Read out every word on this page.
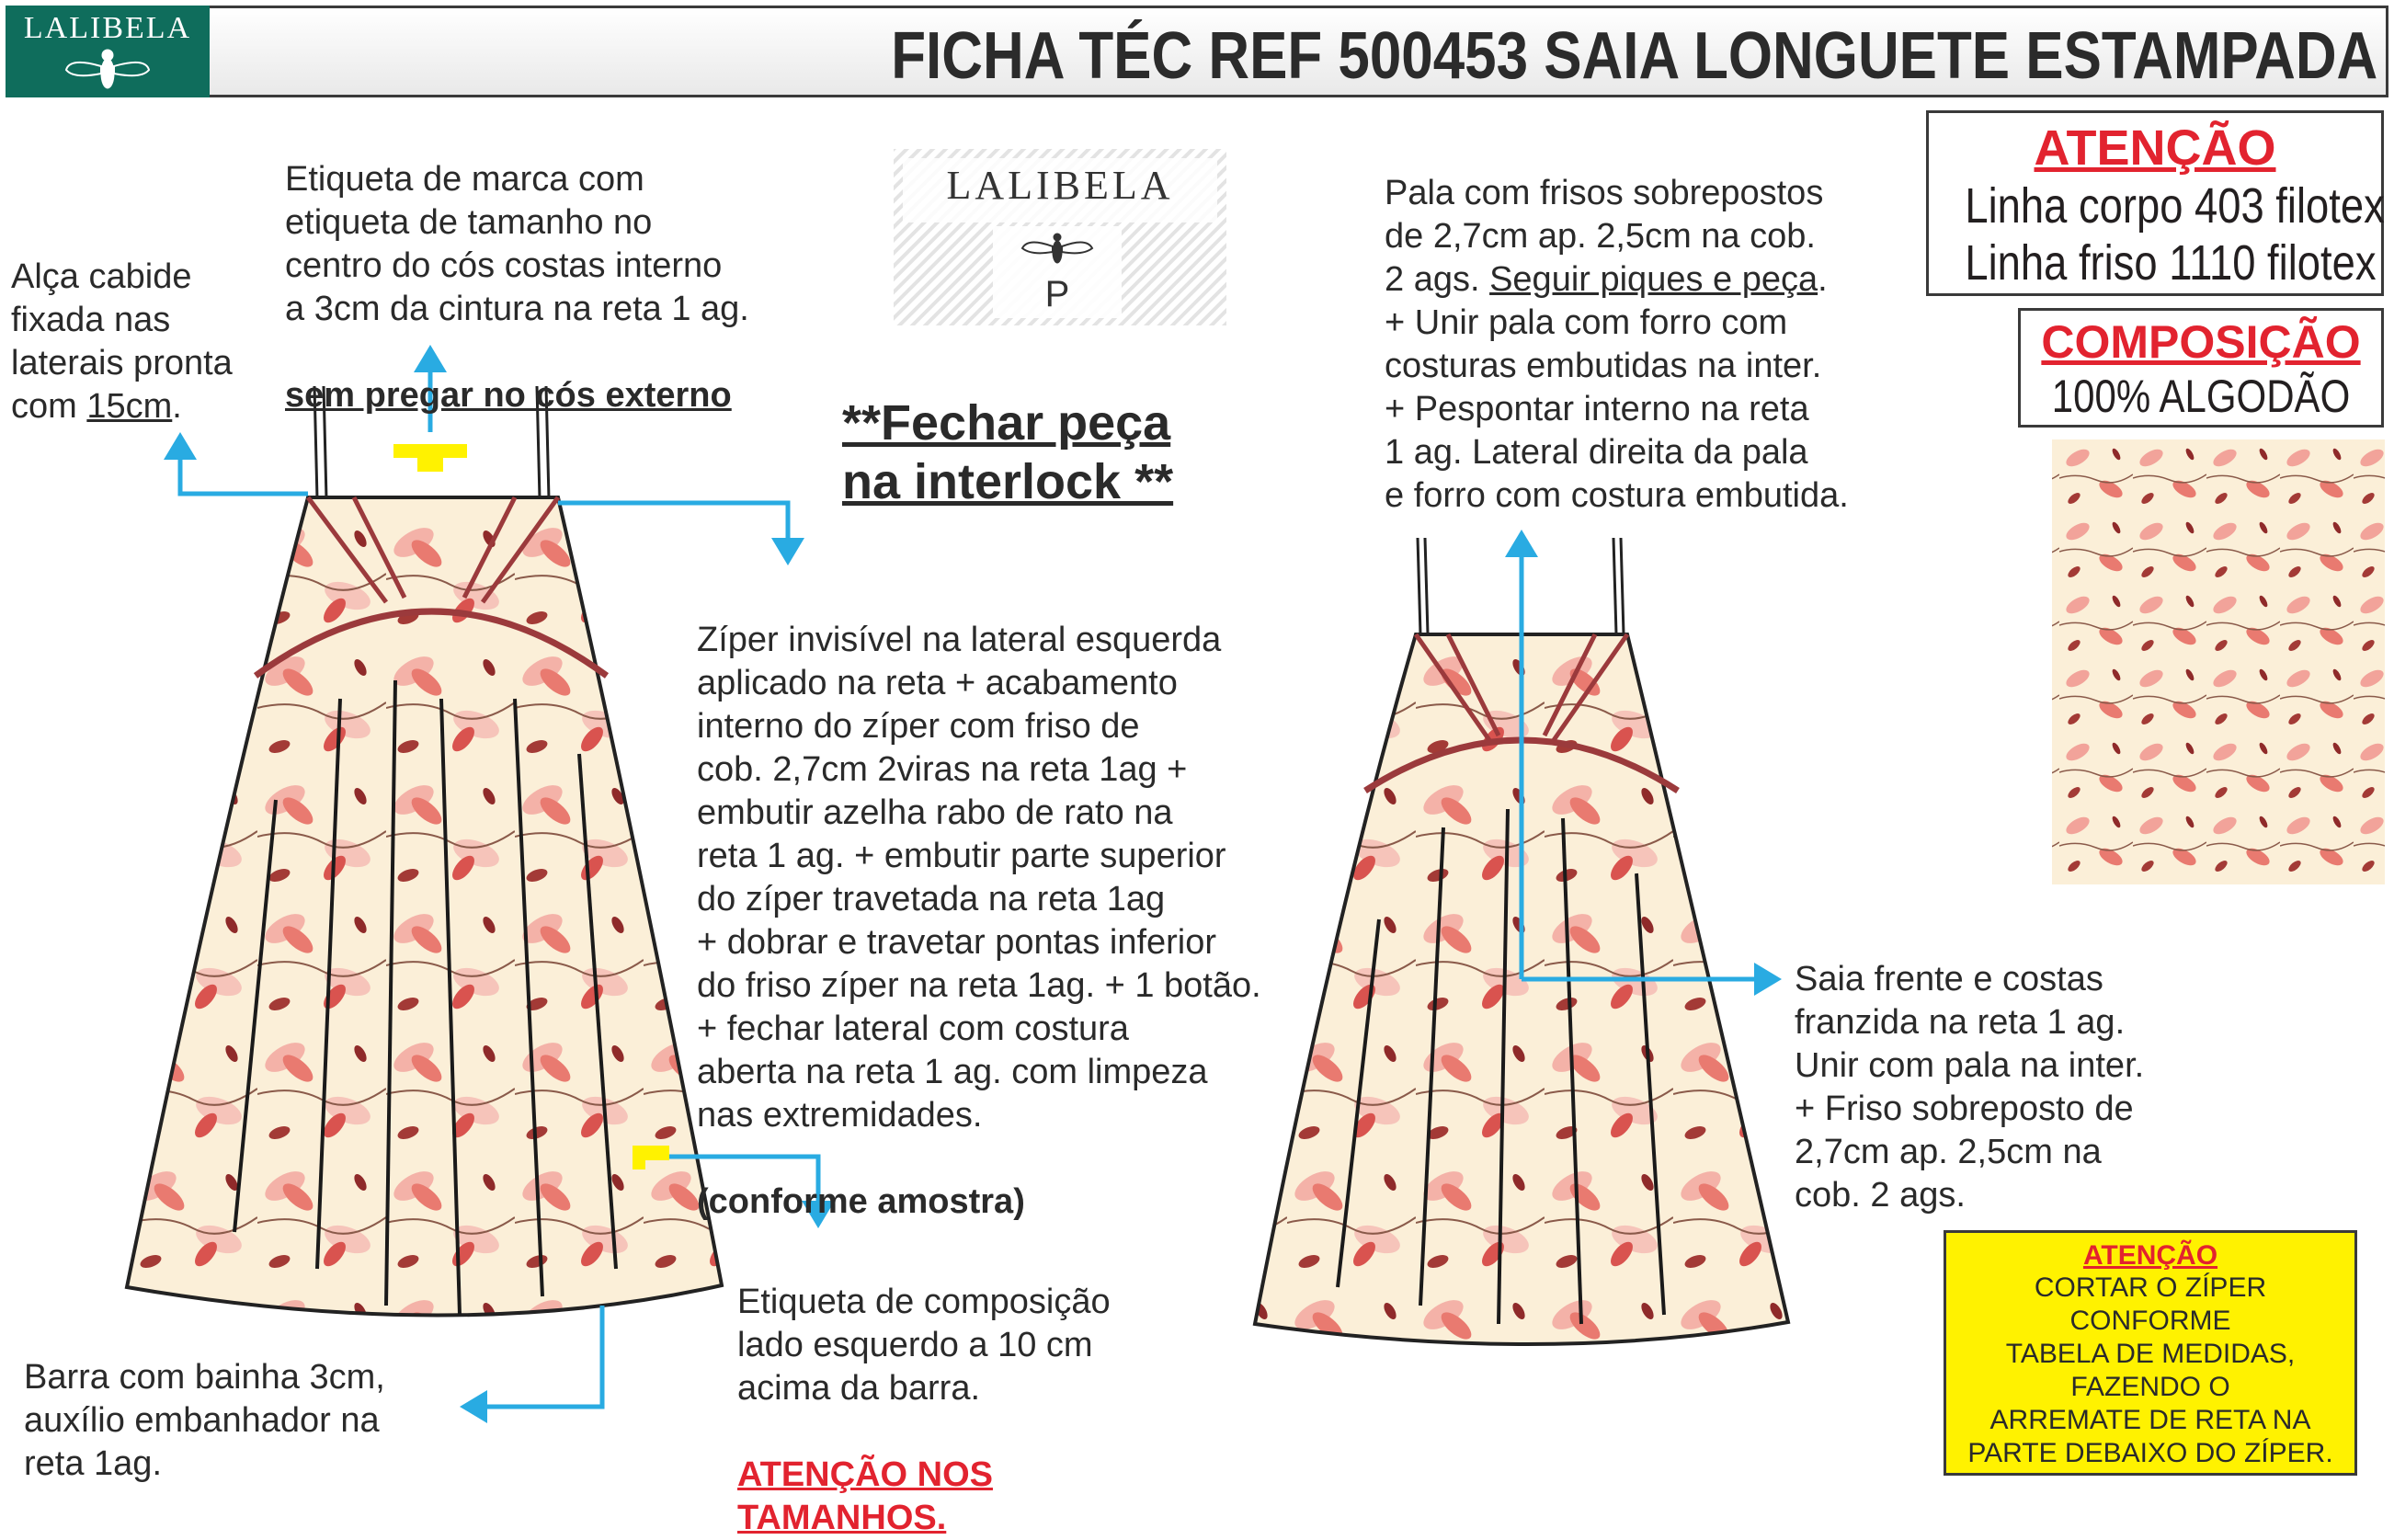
LALIBELA	FICHA TÉC REF 500453 SAIA LONGUETE ESTAMPADA
LALIBELA
P

Etiqueta de marca com
etiqueta de tamanho no
centro do cós costas interno
a 3cm da cintura na reta 1 ag.

sem pregar no cós externo

Alça cabide
fixada nas
laterais pronta
com 15cm.	**Fechar peça
na interlock **

Zíper invisível na lateral esquerda
aplicado na reta + acabamento
interno do zíper com friso de
cob. 2,7cm 2viras na reta 1ag +
embutir azelha rabo de rato na
reta 1 ag. + embutir parte superior
do zíper travetada na reta 1ag
+ dobrar e travetar pontas inferior
do friso zíper na reta 1ag. + 1 botão.
+ fechar lateral com costura
aberta na reta 1 ag. com limpeza
nas extremidades.

(conforme amostra)

Pala com frisos sobrepostos
de 2,7cm ap. 2,5cm na cob.
2 ags. Seguir piques e peça.
+ Unir pala com forro com
costuras embutidas na inter.
+ Pespontar interno na reta
1 ag. Lateral direita da pala
e forro com costura embutida.
Saia frente e costas
franzida na reta 1 ag.
Unir com pala na inter.
+ Friso sobreposto de
2,7cm ap. 2,5cm na
cob. 2 ags.

Etiqueta de composição
lado esquerdo a 10 cm
acima da barra.

ATENÇÃO NOS
TAMANHOS.

Barra com bainha 3cm,
auxílio embanhador na
reta 1ag.
ATENÇÃO
Linha corpo 403 filotex
Linha friso 1110 filotex
COMPOSIÇÃO
100% ALGODÃO
ATENÇÃO
CORTAR O ZÍPER
CONFORME
TABELA DE MEDIDAS,
FAZENDO O
ARREMATE DE RETA NA
PARTE DEBAIXO DO ZÍPER.
